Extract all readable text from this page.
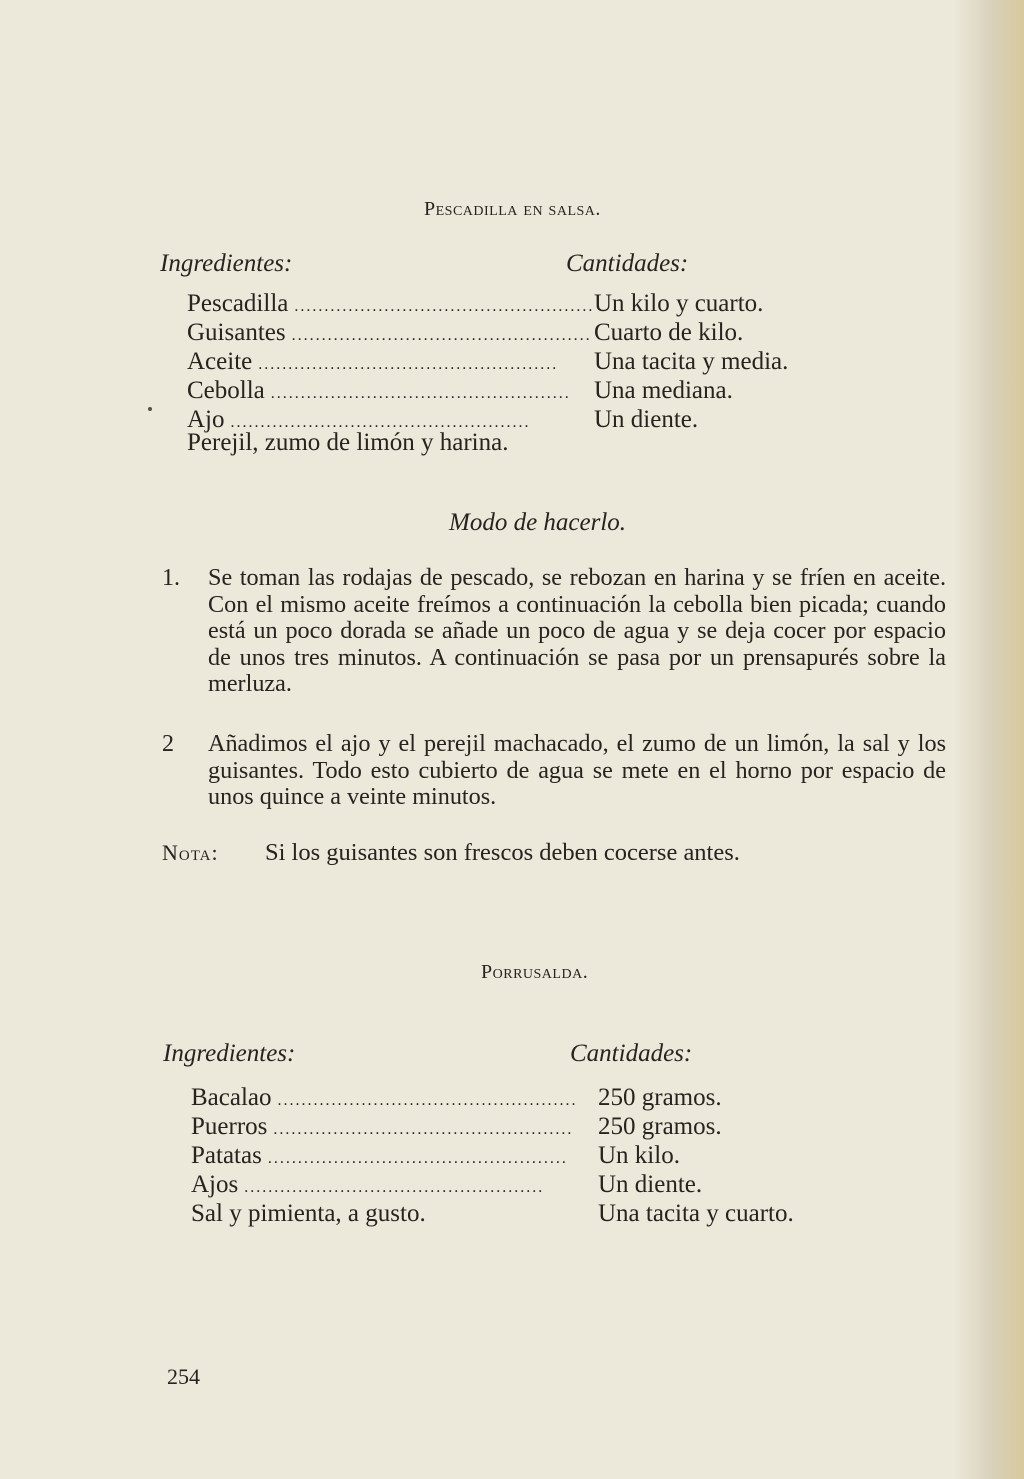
Pescadilla en salsa.
Ingredientes:	Cantidades:
Pescadilla ..................................................
Guisantes ..................................................
Aceite ..................................................
Cebolla ..................................................
Ajo ..................................................
Un kilo y cuarto.
Cuarto de kilo.
Una tacita y media.
Una mediana.
Un diente.
Perejil, zumo de limón y harina.
Modo de hacerlo.
1. Se toman las rodajas de pescado, se rebozan en harina y se fríen en aceite. Con el mismo aceite freímos a continuación la cebolla bien picada; cuando está un poco dorada se añade un poco de agua y se deja cocer por espacio de unos tres minutos. A continuación se pasa por un prensapurés sobre la merluza.
2 Añadimos el ajo y el perejil machacado, el zumo de un limón, la sal y los guisantes. Todo esto cubierto de agua se mete en el horno por espacio de unos quince a veinte minutos.
Nota: Si los guisantes son frescos deben cocerse antes.
Porrusalda.
Ingredientes:	Cantidades:
Bacalao ..................................................
Puerros ..................................................
Patatas ..................................................
Ajos ..................................................
Sal y pimienta, a gusto.
250 gramos.
250 gramos.
Un kilo.
Un diente.
Una tacita y cuarto.
254
